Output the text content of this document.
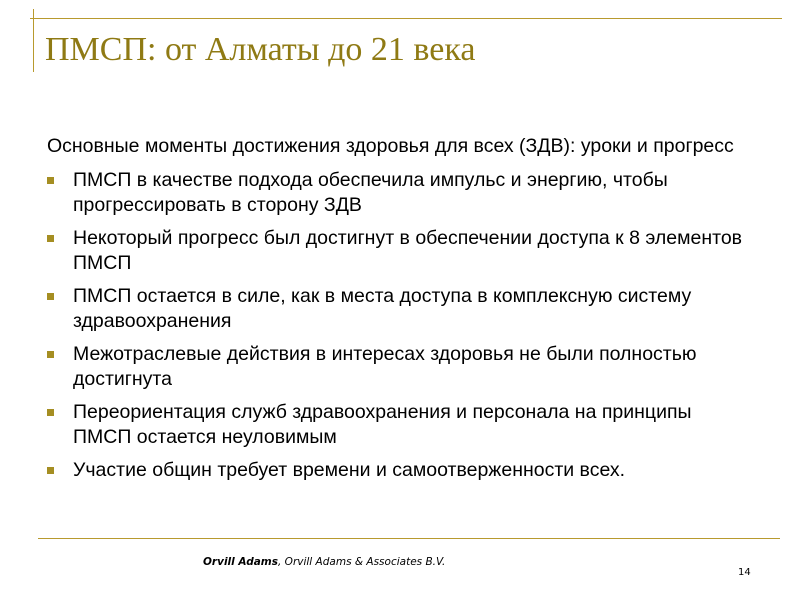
ПМСП: от Алматы до 21 века

Основные моменты достижения здоровья для всех (ЗДВ): уроки и прогресс

ПМСП в качестве подхода обеспечила импульс и энергию, чтобы прогрессировать в сторону ЗДВ
Некоторый прогресс был достигнут в обеспечении доступа к 8 элементов ПМСП
ПМСП остается в силе, как в места доступа в комплексную систему здравоохранения
Межотраслевые действия в интересах здоровья не были полностью достигнута
Переориентация служб здравоохранения и персонала на принципы ПМСП остается неуловимым
Участие общин требует времени и самоотверженности всех.
Orvill Adams, Orvill Adams & Associates B.V.
14
